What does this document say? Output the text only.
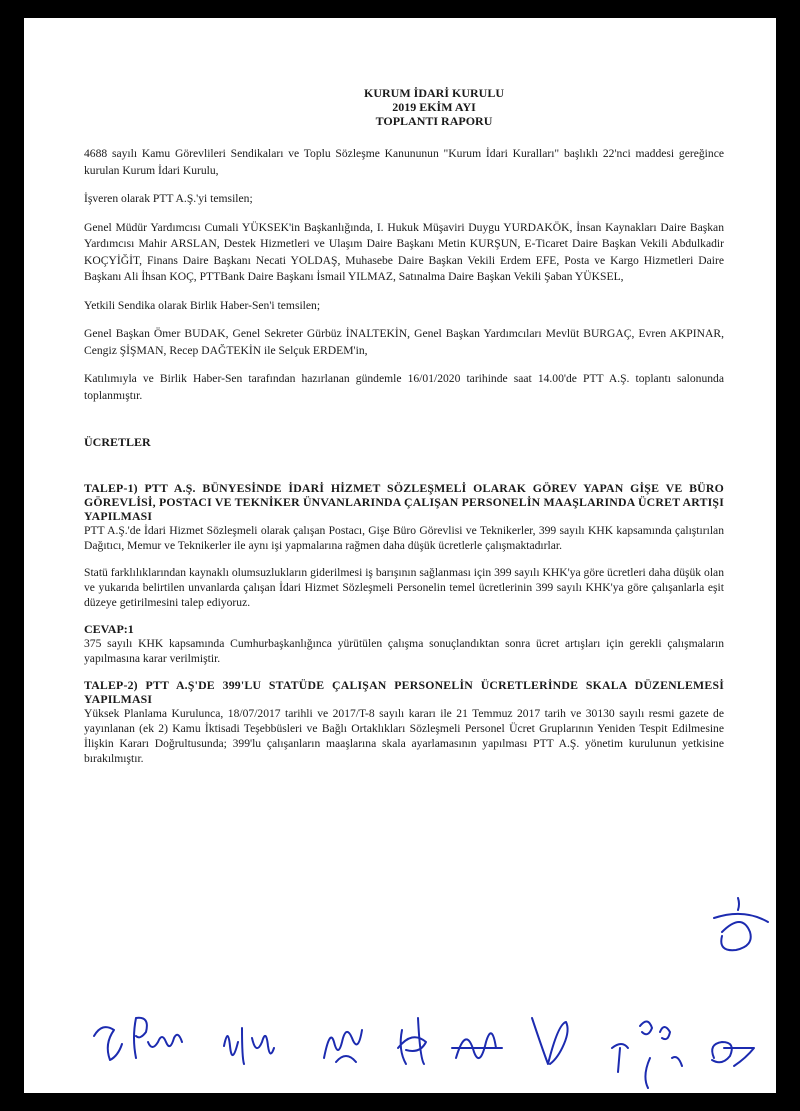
KURUM İDARİ KURULU
2019 EKİM AYI
TOPLANTI RAPORU

4688 sayılı Kamu Görevlileri Sendikaları ve Toplu Sözleşme Kanununun "Kurum İdari Kuralları" başlıklı 22'nci maddesi gereğince kurulan Kurum İdari Kurulu,

İşveren olarak PTT A.Ş.'yi temsilen;

Genel Müdür Yardımcısı Cumali YÜKSEK'in Başkanlığında, I. Hukuk Müşaviri Duygu YURDAKÖK, İnsan Kaynakları Daire Başkan Yardımcısı Mahir ARSLAN, Destek Hizmetleri ve Ulaşım Daire Başkanı Metin KURŞUN, E-Ticaret Daire Başkan Vekili Abdulkadir KOÇYİĞİT, Finans Daire Başkanı Necati YOLDAŞ, Muhasebe Daire Başkan Vekili Erdem EFE, Posta ve Kargo Hizmetleri Daire Başkanı Ali İhsan KOÇ, PTTBank Daire Başkanı İsmail YILMAZ, Satınalma Daire Başkan Vekili Şaban YÜKSEL,

Yetkili Sendika olarak Birlik Haber-Sen'i temsilen;

Genel Başkan Ömer BUDAK, Genel Sekreter Gürbüz İNALTEKİN, Genel Başkan Yardımcıları Mevlüt BURGAÇ, Evren AKPINAR, Cengiz ŞİŞMAN, Recep DAĞTEKİN ile Selçuk ERDEM'in,

Katılımıyla ve Birlik Haber-Sen tarafından hazırlanan gündemle 16/01/2020 tarihinde saat 14.00'de PTT A.Ş. toplantı salonunda toplanmıştır.

ÜCRETLER

TALEP-1) PTT A.Ş. BÜNYESİNDE İDARİ HİZMET SÖZLEŞMELİ OLARAK GÖREV YAPAN GİŞE VE BÜRO GÖREVLİSİ, POSTACI VE TEKNİKER ÜNVANLARINDA ÇALIŞAN PERSONELİN MAAŞLARINDA ÜCRET ARTIŞI YAPILMASI

PTT A.Ş.'de İdari Hizmet Sözleşmeli olarak çalışan Postacı, Gişe Büro Görevlisi ve Teknikerler, 399 sayılı KHK kapsamında çalıştırılan Dağıtıcı, Memur ve Teknikerler ile aynı işi yapmalarına rağmen daha düşük ücretlerle çalışmaktadırlar.

Statü farklılıklarından kaynaklı olumsuzlukların giderilmesi iş barışının sağlanması için 399 sayılı KHK'ya göre ücretleri daha düşük olan ve yukarıda belirtilen unvanlarda çalışan İdari Hizmet Sözleşmeli Personelin temel ücretlerinin 399 sayılı KHK'ya göre çalışanlarla eşit düzeye getirilmesini talep ediyoruz.

CEVAP:1

375 sayılı KHK kapsamında Cumhurbaşkanlığınca yürütülen çalışma sonuçlandıktan sonra ücret artışları için gerekli çalışmaların yapılmasına karar verilmiştir.

TALEP-2) PTT A.Ş'DE 399'LU STATÜDE ÇALIŞAN PERSONELİN ÜCRETLERİNDE SKALA DÜZENLEMESİ YAPILMASI

Yüksek Planlama Kurulunca, 18/07/2017 tarihli ve 2017/T-8 sayılı kararı ile 21 Temmuz 2017 tarih ve 30130 sayılı resmi gazete de yayınlanan (ek 2) Kamu İktisadi Teşebbüsleri ve Bağlı Ortaklıkları Sözleşmeli Personel Ücret Gruplarının Yeniden Tespit Edilmesine İlişkin Kararı Doğrultusunda; 399'lu çalışanların maaşlarına skala ayarlamasının yapılması PTT A.Ş. yönetim kurulunun yetkisine bırakılmıştır.
